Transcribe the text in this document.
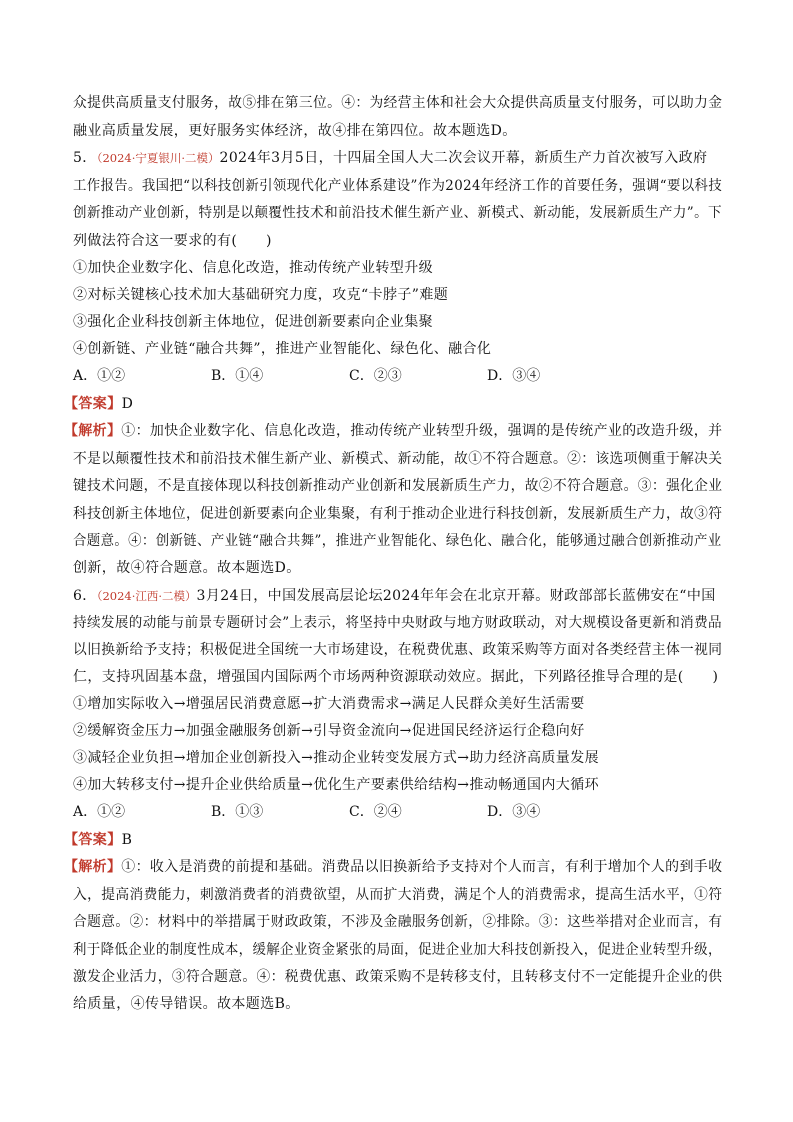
众提供高质量支付服务，故⑤排在第三位。④：为经营主体和社会大众提供高质量支付服务，可以助力金
融业高质量发展，更好服务实体经济，故④排在第四位。故本题选D。
5．（2024·宁夏银川·二模）2024年3月5日，十四届全国人大二次会议开幕，新质生产力首次被写入政府
工作报告。我国把“以科技创新引领现代化产业体系建设”作为2024年经济工作的首要任务，强调“要以科技
创新推动产业创新，特别是以颠覆性技术和前沿技术催生新产业、新模式、新动能，发展新质生产力”。下
列做法符合这一要求的有(　　)
①加快企业数字化、信息化改造，推动传统产业转型升级
②对标关键核心技术加大基础研究力度，攻克“卡脖子”难题
③强化企业科技创新主体地位，促进创新要素向企业集聚
④创新链、产业链“融合共舞”，推进产业智能化、绿色化、融合化
A．①②	B．①④	C．②③	D．③④
【答案】D
【解析】①：加快企业数字化、信息化改造，推动传统产业转型升级，强调的是传统产业的改造升级，并
不是以颠覆性技术和前沿技术催生新产业、新模式、新动能，故①不符合题意。②：该选项侧重于解决关
键技术问题，不是直接体现以科技创新推动产业创新和发展新质生产力，故②不符合题意。③：强化企业
科技创新主体地位，促进创新要素向企业集聚，有利于推动企业进行科技创新，发展新质生产力，故③符
合题意。④：创新链、产业链“融合共舞”，推进产业智能化、绿色化、融合化，能够通过融合创新推动产业
创新，故④符合题意。故本题选D。
6．（2024·江西·二模）3月24日，中国发展高层论坛2024年年会在北京开幕。财政部部长蓝佛安在“中国
持续发展的动能与前景专题研讨会”上表示，将坚持中央财政与地方财政联动，对大规模设备更新和消费品
以旧换新给予支持；积极促进全国统一大市场建设，在税费优惠、政策采购等方面对各类经营主体一视同
仁，支持巩固基本盘，增强国内国际两个市场两种资源联动效应。据此，下列路径推导合理的是(　　)
①增加实际收入→增强居民消费意愿→扩大消费需求→满足人民群众美好生活需要
②缓解资金压力→加强金融服务创新→引导资金流向→促进国民经济运行企稳向好
③减轻企业负担→增加企业创新投入→推动企业转变发展方式→助力经济高质量发展
④加大转移支付→提升企业供给质量→优化生产要素供给结构→推动畅通国内大循环
A．①②	B．①③	C．②④	D．③④
【答案】B
【解析】①：收入是消费的前提和基础。消费品以旧换新给予支持对个人而言，有利于增加个人的到手收
入，提高消费能力，刺激消费者的消费欲望，从而扩大消费，满足个人的消费需求，提高生活水平，①符
合题意。②：材料中的举措属于财政政策，不涉及金融服务创新，②排除。③：这些举措对企业而言，有
利于降低企业的制度性成本，缓解企业资金紧张的局面，促进企业加大科技创新投入，促进企业转型升级，
激发企业活力，③符合题意。④：税费优惠、政策采购不是转移支付，且转移支付不一定能提升企业的供
给质量，④传导错误。故本题选B。
